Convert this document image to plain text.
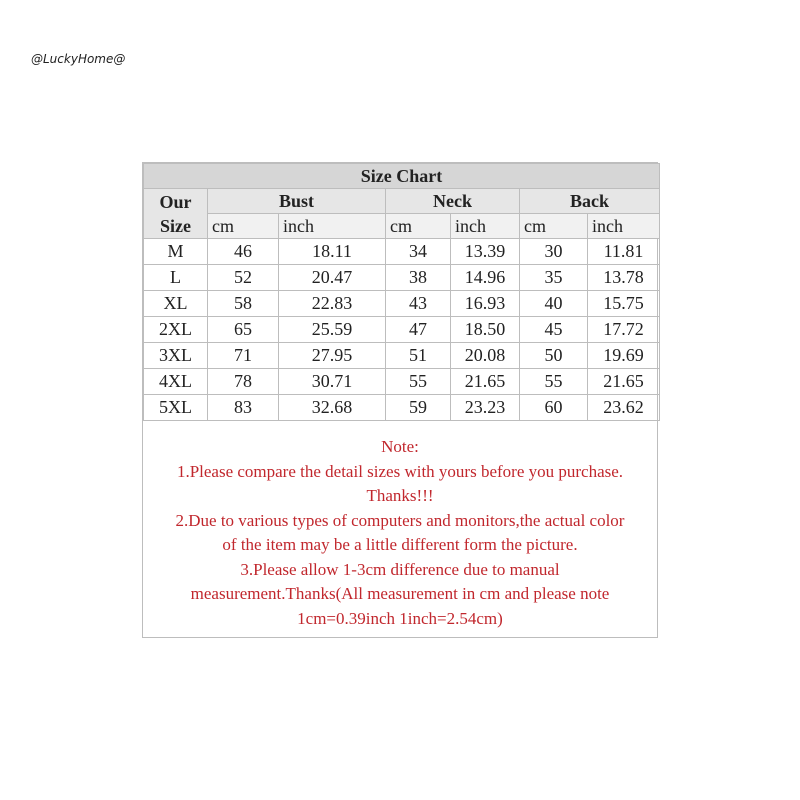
@LuckyHome@
Size Chart						

Our
Size	Bust		Neck		Back	
	cm	inch	cm	inch	cm	inch
M	46	18.11	34	13.39	30	11.81
L	52	20.47	38	14.96	35	13.78
XL	58	22.83	43	16.93	40	15.75
2XL	65	25.59	47	18.50	45	17.72
3XL	71	27.95	51	20.08	50	19.69
4XL	78	30.71	55	21.65	55	21.65
5XL	83	32.68	59	23.23	60	23.62
Note:
1.Please compare the detail sizes with yours before you purchase.
Thanks!!!
2.Due to various types of computers and monitors,the actual color
of the item may be a little different form the picture.
3.Please allow 1-3cm difference due to manual
measurement.Thanks(All measurement in cm and please note
1cm=0.39inch 1inch=2.54cm)
